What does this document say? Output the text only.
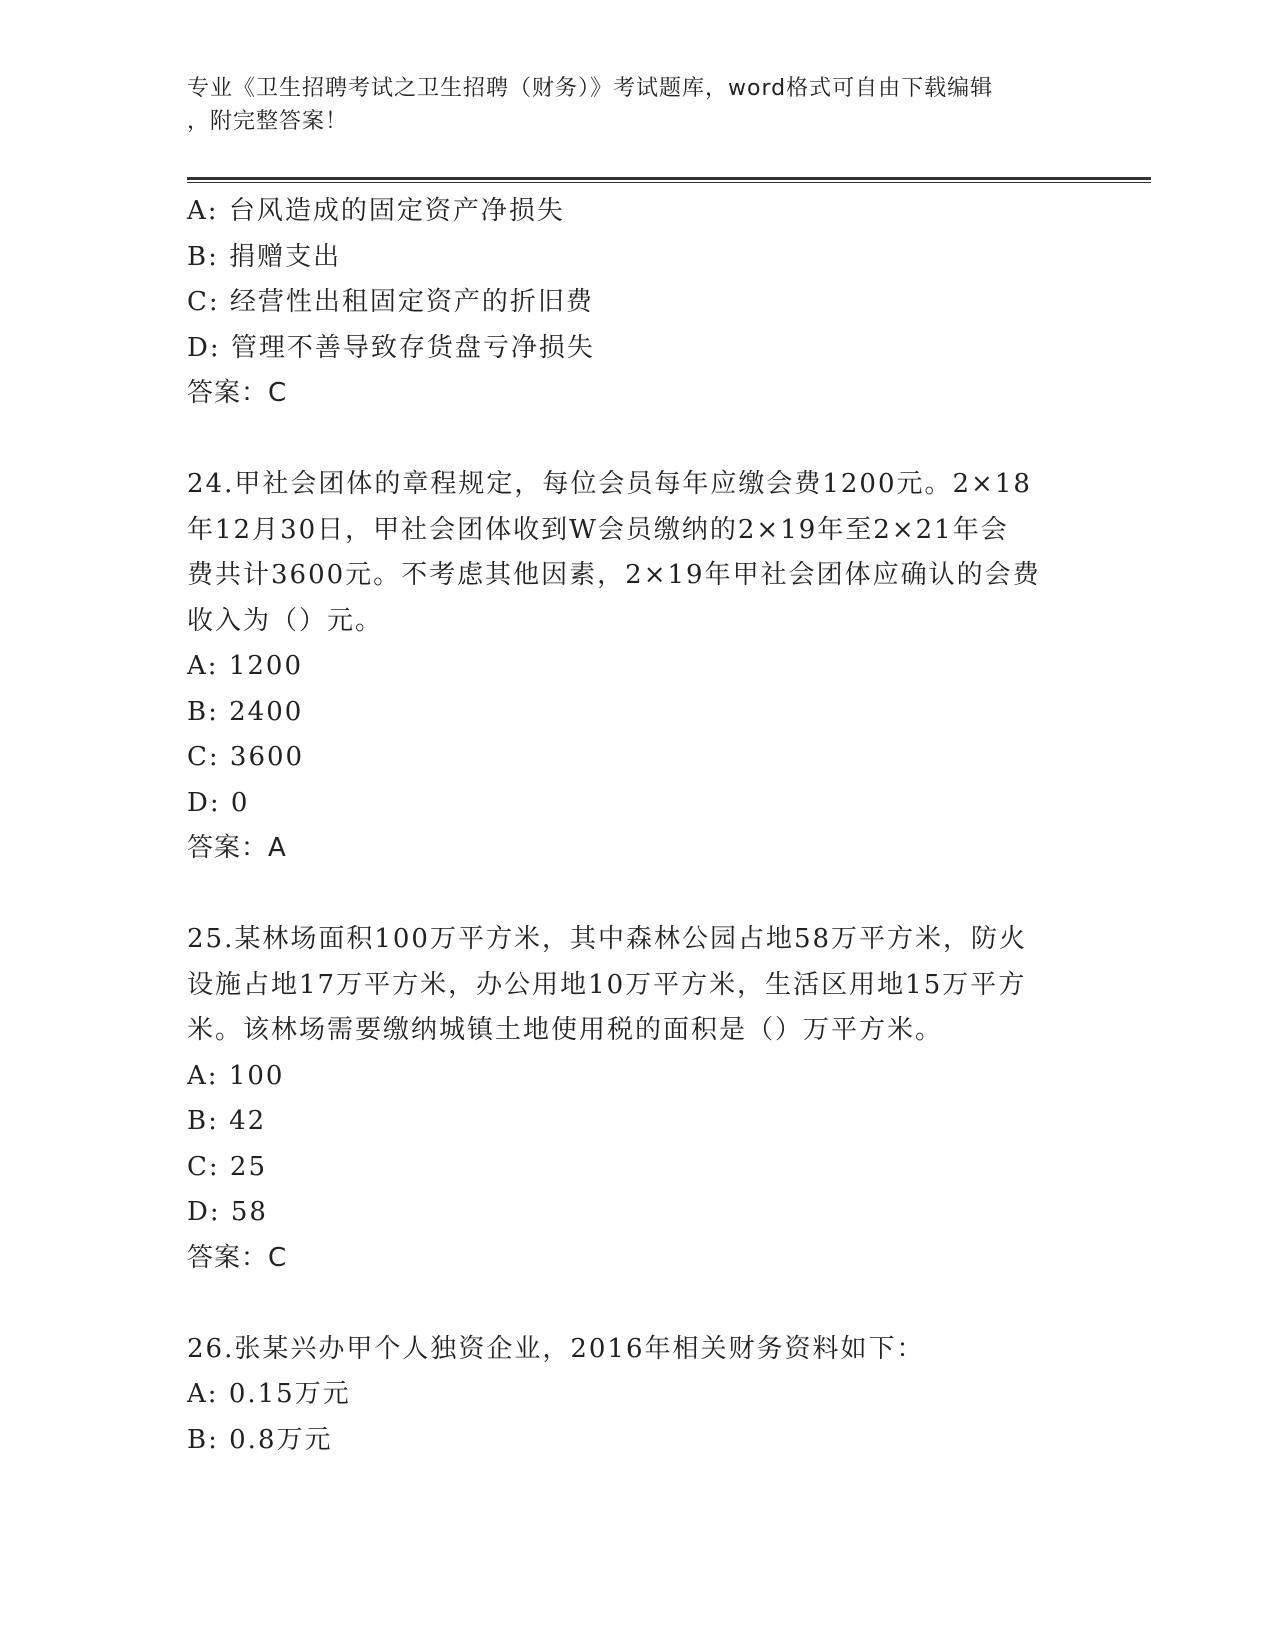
专业《卫生招聘考试之卫生招聘（财务）》考试题库，word格式可自由下载编辑
，附完整答案！
A: 台风造成的固定资产净损失
B: 捐赠支出
C: 经营性出租固定资产的折旧费
D: 管理不善导致存货盘亏净损失
答案：C
24.甲社会团体的章程规定，每位会员每年应缴会费1200元。2×18
年12月30日，甲社会团体收到W会员缴纳的2×19年至2×21年会
费共计3600元。不考虑其他因素，2×19年甲社会团体应确认的会费
收入为（）元。
A: 1200
B: 2400
C: 3600
D: 0
答案：A
25.某林场面积100万平方米，其中森林公园占地58万平方米，防火
设施占地17万平方米，办公用地10万平方米，生活区用地15万平方
米。该林场需要缴纳城镇土地使用税的面积是（）万平方米。
A: 100
B: 42
C: 25
D: 58
答案：C
26.张某兴办甲个人独资企业，2016年相关财务资料如下：
A: 0.15万元
B: 0.8万元
